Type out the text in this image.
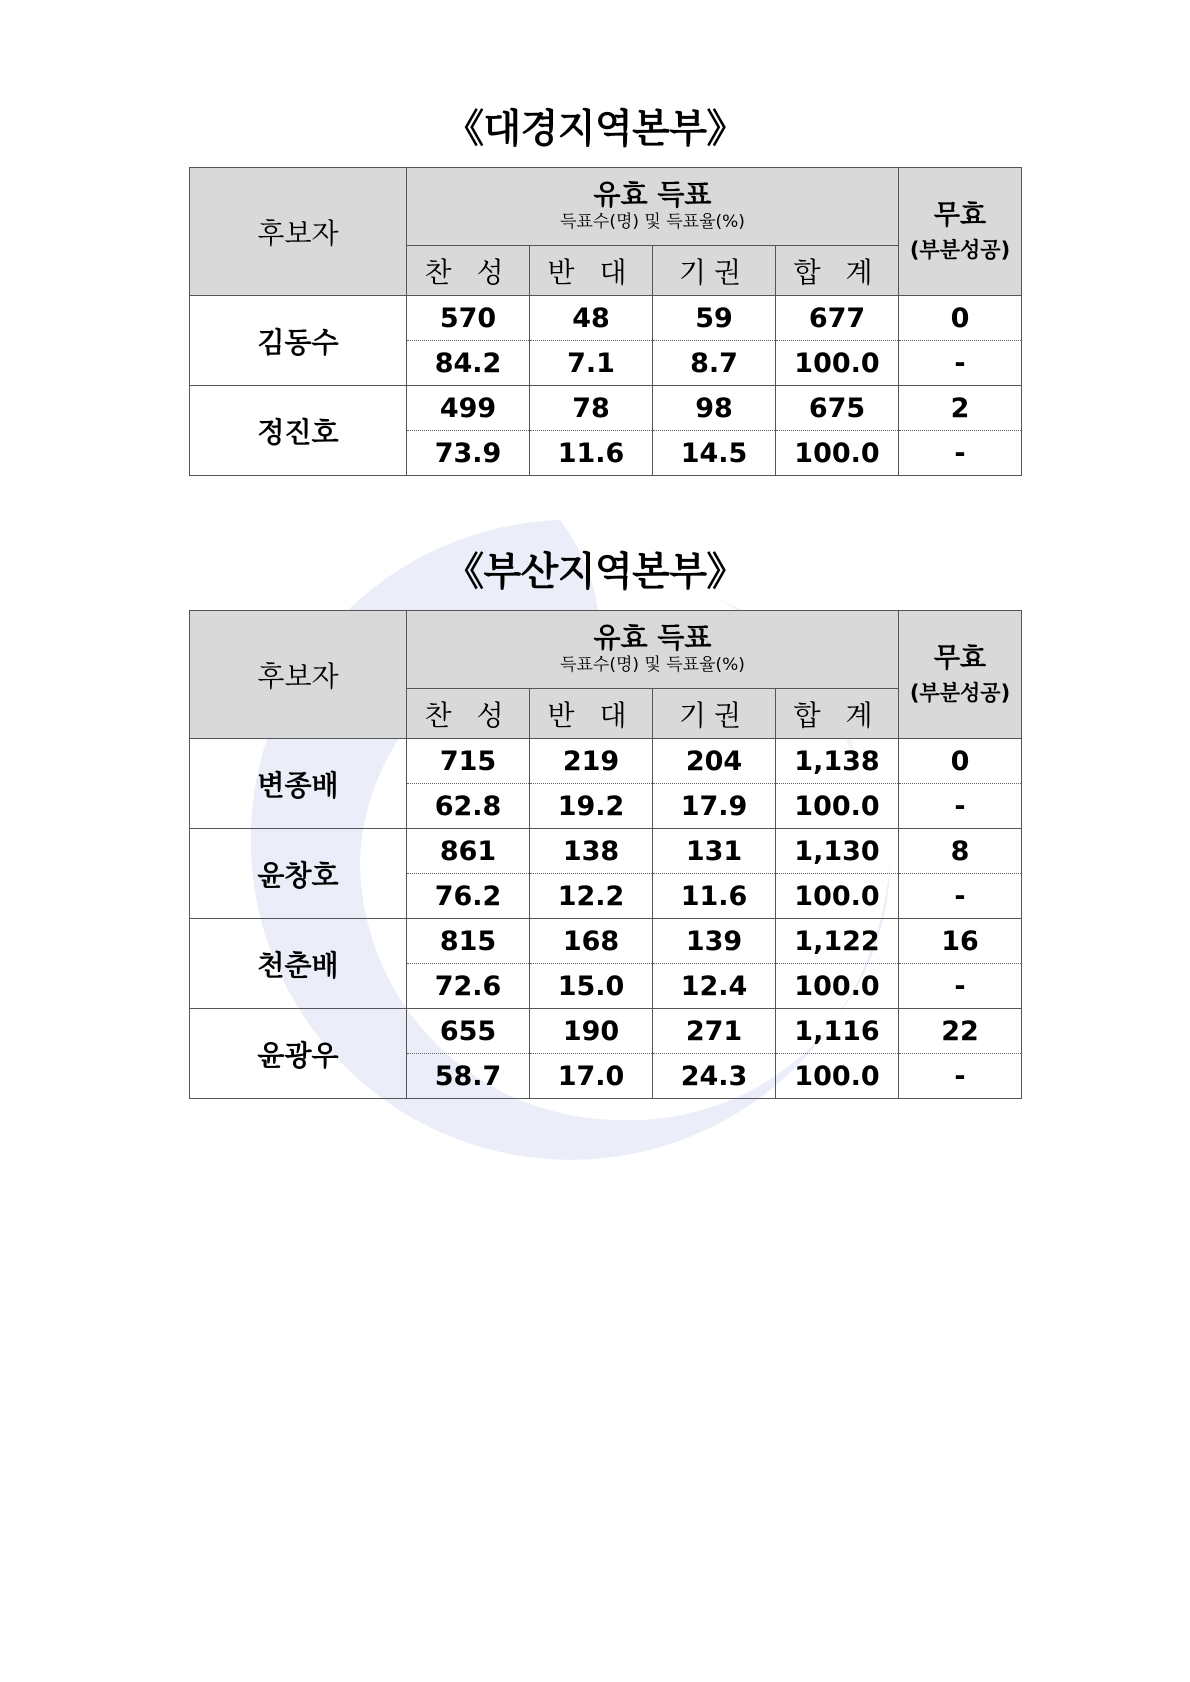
《대경지역본부》
후보자	유효 득표
득표수(명) 및 득표율(%)				무효
(부분성공)

	찬 성	반 대	기권	합 계	
김동수	570	48	59	677	0
	84.2	7.1	8.7	100.0	-
정진호	499	78	98	675	2
	73.9	11.6	14.5	100.0	-
《부산지역본부》
후보자	유효 득표
득표수(명) 및 득표율(%)				무효
(부분성공)

	찬 성	반 대	기권	합 계	
변종배	715	219	204	1,138	0
	62.8	19.2	17.9	100.0	-
윤창호	861	138	131	1,130	8
	76.2	12.2	11.6	100.0	-
천춘배	815	168	139	1,122	16
	72.6	15.0	12.4	100.0	-
윤광우	655	190	271	1,116	22
	58.7	17.0	24.3	100.0	-
